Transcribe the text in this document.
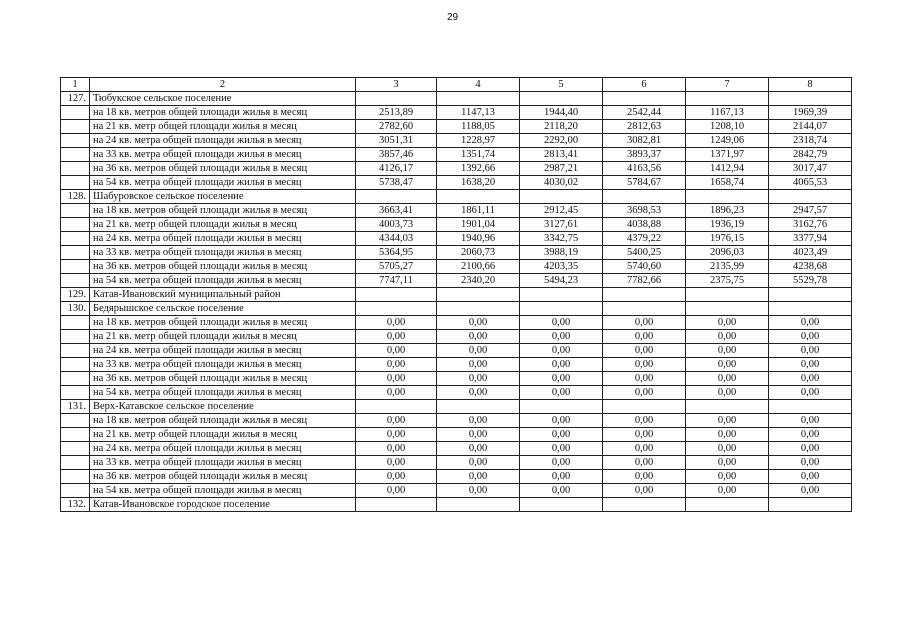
29
1	2	3	4	5	6	7	8
127.	Тюбукское сельское поселение						
	на 18 кв. метров общей площади жилья в месяц	2513,89	1147,13	1944,40	2542,44	1167,13	1969,39
	на 21 кв. метр общей площади жилья в месяц	2782,60	1188,05	2118,20	2812,63	1208,10	2144,07
	на 24 кв. метра общей площади жилья в месяц	3051,31	1228,97	2292,00	3082,81	1249,06	2318,74
	на 33 кв. метра общей площади жилья в месяц	3857,46	1351,74	2813,41	3893,37	1371,97	2842,79
	на 36 кв. метров общей площади жилья в месяц	4126,17	1392,66	2987,21	4163,56	1412,94	3017,47
	на 54 кв. метра общей площади жилья в месяц	5738,47	1638,20	4030,02	5784,67	1658,74	4065,53
128.	Шабуровское сельское поселение						
	на 18 кв. метров общей площади жилья в месяц	3663,41	1861,11	2912,45	3698,53	1896,23	2947,57
	на 21 кв. метр общей площади жилья в месяц	4003,73	1901,04	3127,61	4038,88	1936,19	3162,76
	на 24 кв. метра общей площади жилья в месяц	4344,03	1940,96	3342,75	4379,22	1976,15	3377,94
	на 33 кв. метра общей площади жилья в месяц	5364,95	2060,73	3988,19	5400,25	2096,03	4023,49
	на 36 кв. метров общей площади жилья в месяц	5705,27	2100,66	4203,35	5740,60	2135,99	4238,68
	на 54 кв. метра общей площади жилья в месяц	7747,11	2340,20	5494,23	7782,66	2375,75	5529,78
129.	Катав-Ивановский муниципальный район						
130.	Бедярышское сельское поселение						
	на 18 кв. метров общей площади жилья в месяц	0,00	0,00	0,00	0,00	0,00	0,00
	на 21 кв. метр общей площади жилья в месяц	0,00	0,00	0,00	0,00	0,00	0,00
	на 24 кв. метра общей площади жилья в месяц	0,00	0,00	0,00	0,00	0,00	0,00
	на 33 кв. метра общей площади жилья в месяц	0,00	0,00	0,00	0,00	0,00	0,00
	на 36 кв. метров общей площади жилья в месяц	0,00	0,00	0,00	0,00	0,00	0,00
	на 54 кв. метра общей площади жилья в месяц	0,00	0,00	0,00	0,00	0,00	0,00
131.	Верх-Катавское сельское поселение						
	на 18 кв. метров общей площади жилья в месяц	0,00	0,00	0,00	0,00	0,00	0,00
	на 21 кв. метр общей площади жилья в месяц	0,00	0,00	0,00	0,00	0,00	0,00
	на 24 кв. метра общей площади жилья в месяц	0,00	0,00	0,00	0,00	0,00	0,00
	на 33 кв. метра общей площади жилья в месяц	0,00	0,00	0,00	0,00	0,00	0,00
	на 36 кв. метров общей площади жилья в месяц	0,00	0,00	0,00	0,00	0,00	0,00
	на 54 кв. метра общей площади жилья в месяц	0,00	0,00	0,00	0,00	0,00	0,00
132.	Катав-Ивановское городское поселение						
